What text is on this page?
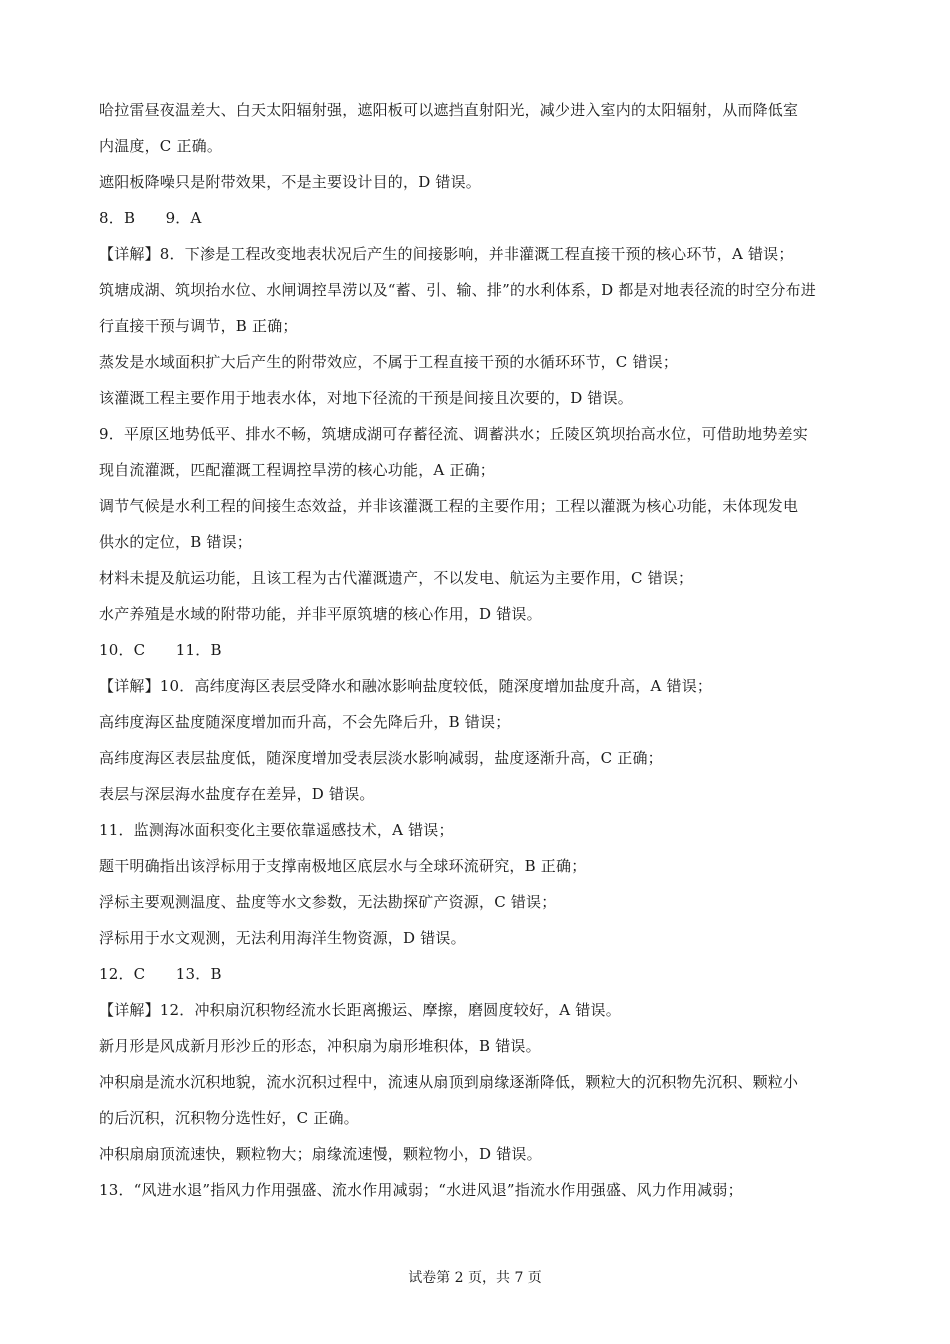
哈拉雷昼夜温差大、白天太阳辐射强，遮阳板可以遮挡直射阳光，减少进入室内的太阳辐射，从而降低室
内温度，C 正确。
遮阳板降噪只是附带效果，不是主要设计目的，D 错误。
8．B　　9．A
【详解】8．下渗是工程改变地表状况后产生的间接影响，并非灌溉工程直接干预的核心环节，A 错误；
筑塘成湖、筑坝抬水位、水闸调控旱涝以及“蓄、引、输、排”的水利体系，D 都是对地表径流的时空分布进
行直接干预与调节，B 正确；
蒸发是水域面积扩大后产生的附带效应，不属于工程直接干预的水循环环节，C 错误；
该灌溉工程主要作用于地表水体，对地下径流的干预是间接且次要的，D 错误。
9．平原区地势低平、排水不畅，筑塘成湖可存蓄径流、调蓄洪水；丘陵区筑坝抬高水位，可借助地势差实
现自流灌溉，匹配灌溉工程调控旱涝的核心功能，A 正确；
调节气候是水利工程的间接生态效益，并非该灌溉工程的主要作用；工程以灌溉为核心功能，未体现发电
供水的定位，B 错误；
材料未提及航运功能，且该工程为古代灌溉遗产，不以发电、航运为主要作用，C 错误；
水产养殖是水域的附带功能，并非平原筑塘的核心作用，D 错误。
10．C　　11．B
【详解】10．高纬度海区表层受降水和融冰影响盐度较低，随深度增加盐度升高，A 错误；
高纬度海区盐度随深度增加而升高，不会先降后升，B 错误；
高纬度海区表层盐度低，随深度增加受表层淡水影响减弱，盐度逐渐升高，C 正确；
表层与深层海水盐度存在差异，D 错误。
11．监测海冰面积变化主要依靠遥感技术，A 错误；
题干明确指出该浮标用于支撑南极地区底层水与全球环流研究，B 正确；
浮标主要观测温度、盐度等水文参数，无法勘探矿产资源，C 错误；
浮标用于水文观测，无法利用海洋生物资源，D 错误。
12．C　　13．B
【详解】12．冲积扇沉积物经流水长距离搬运、摩擦，磨圆度较好，A 错误。
新月形是风成新月形沙丘的形态，冲积扇为扇形堆积体，B 错误。
冲积扇是流水沉积地貌，流水沉积过程中，流速从扇顶到扇缘逐渐降低，颗粒大的沉积物先沉积、颗粒小
的后沉积，沉积物分选性好，C 正确。
冲积扇扇顶流速快，颗粒物大；扇缘流速慢，颗粒物小，D 错误。
13．“风进水退”指风力作用强盛、流水作用减弱；“水进风退”指流水作用强盛、风力作用减弱；
试卷第 2 页，共 7 页
